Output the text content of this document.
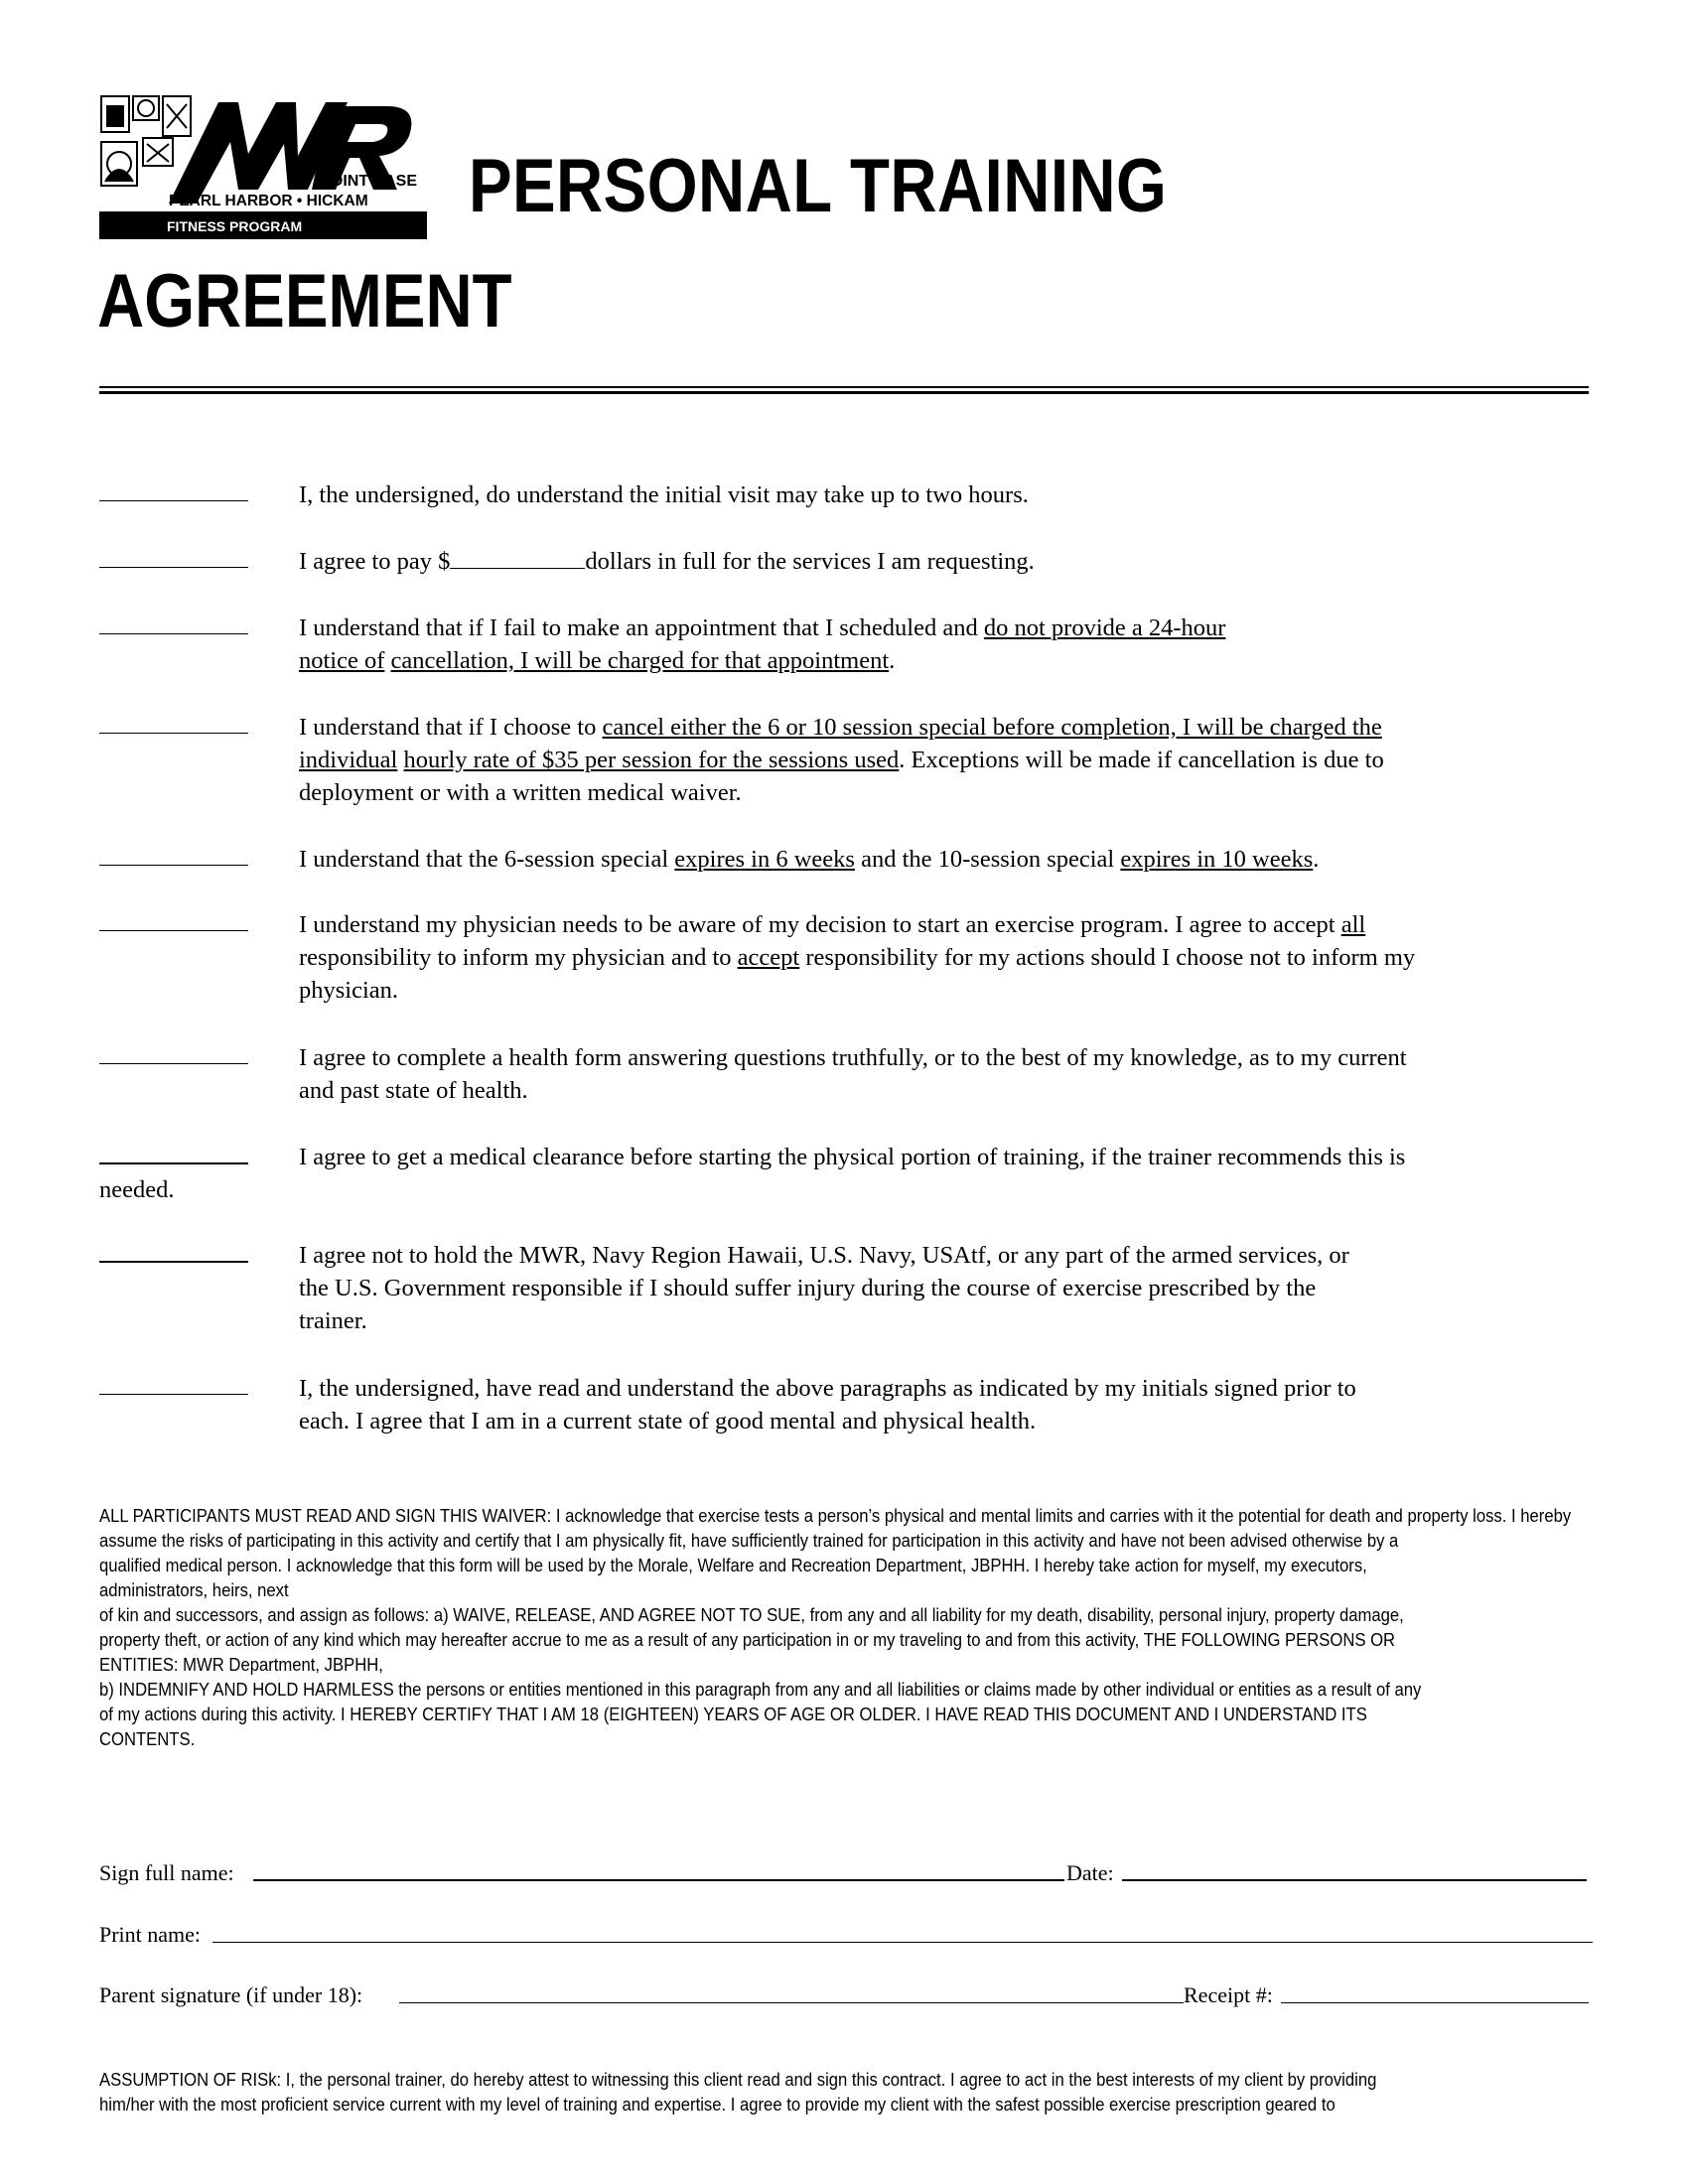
JOINT BASE
PEARL HARBOR • HICKAM
FITNESS PROGRAM PERSONAL TRAINING
AGREEMENT
I, the undersigned, do understand the initial visit may take up to two hours.
I agree to pay $	dollars in full for the services I am requesting.
I understand that if I fail to make an appointment that I scheduled and do not provide a 24-hour
notice of cancellation, I will be charged for that appointment.
I understand that if I choose to cancel either the 6 or 10 session special before completion, I will be charged the
individual hourly rate of $35 per session for the sessions used. Exceptions will be made if cancellation is due to
deployment or with a written medical waiver.
I understand that the 6-session special expires in 6 weeks and the 10-session special expires in 10 weeks.
I understand my physician needs to be aware of my decision to start an exercise program. I agree to accept all
responsibility to inform my physician and to accept responsibility for my actions should I choose not to inform my
physician.
I agree to complete a health form answering questions truthfully, or to the best of my knowledge, as to my current
and past state of health.
I agree to get a medical clearance before starting the physical portion of training, if the trainer recommends this is
needed.
I agree not to hold the MWR, Navy Region Hawaii, U.S. Navy, USAtf, or any part of the armed services, or
the U.S. Government responsible if I should suffer injury during the course of exercise prescribed by the
trainer.
I, the undersigned, have read and understand the above paragraphs as indicated by my initials signed prior to
each. I agree that I am in a current state of good mental and physical health.

ALL PARTICIPANTS MUST READ AND SIGN THIS WAIVER: I acknowledge that exercise tests a person’s physical and mental limits and carries with it the potential for death and property loss. I hereby

assume the risks of participating in this activity and certify that I am physically fit, have sufficiently trained for participation in this activity and have not been advised otherwise by a

qualified medical person. I acknowledge that this form will be used by the Morale, Welfare and Recreation Department, JBPHH. I hereby take action for myself, my executors,

administrators, heirs, next

of kin and successors, and assign as follows: a) WAIVE, RELEASE, AND AGREE NOT TO SUE, from any and all liability for my death, disability, personal injury, property damage,

property theft, or action of any kind which may hereafter accrue to me as a result of any participation in or my traveling to and from this activity, THE FOLLOWING PERSONS OR

ENTITIES: MWR Department, JBPHH,

b) INDEMNIFY AND HOLD HARMLESS the persons or entities mentioned in this paragraph from any and all liabilities or claims made by other individual or entities as a result of any

of my actions during this activity. I HEREBY CERTIFY THAT I AM 18 (EIGHTEEN) YEARS OF AGE OR OLDER. I HAVE READ THIS DOCUMENT AND I UNDERSTAND ITS

CONTENTS.

Sign full name:	Date:
Print name:
Parent signature (if under 18):	Receipt #:

ASSUMPTION OF RISk: I, the personal trainer, do hereby attest to witnessing this client read and sign this contract. I agree to act in the best interests of my client by providing

him/her with the most proficient service current with my level of training and expertise. I agree to provide my client with the safest possible exercise prescription geared to
